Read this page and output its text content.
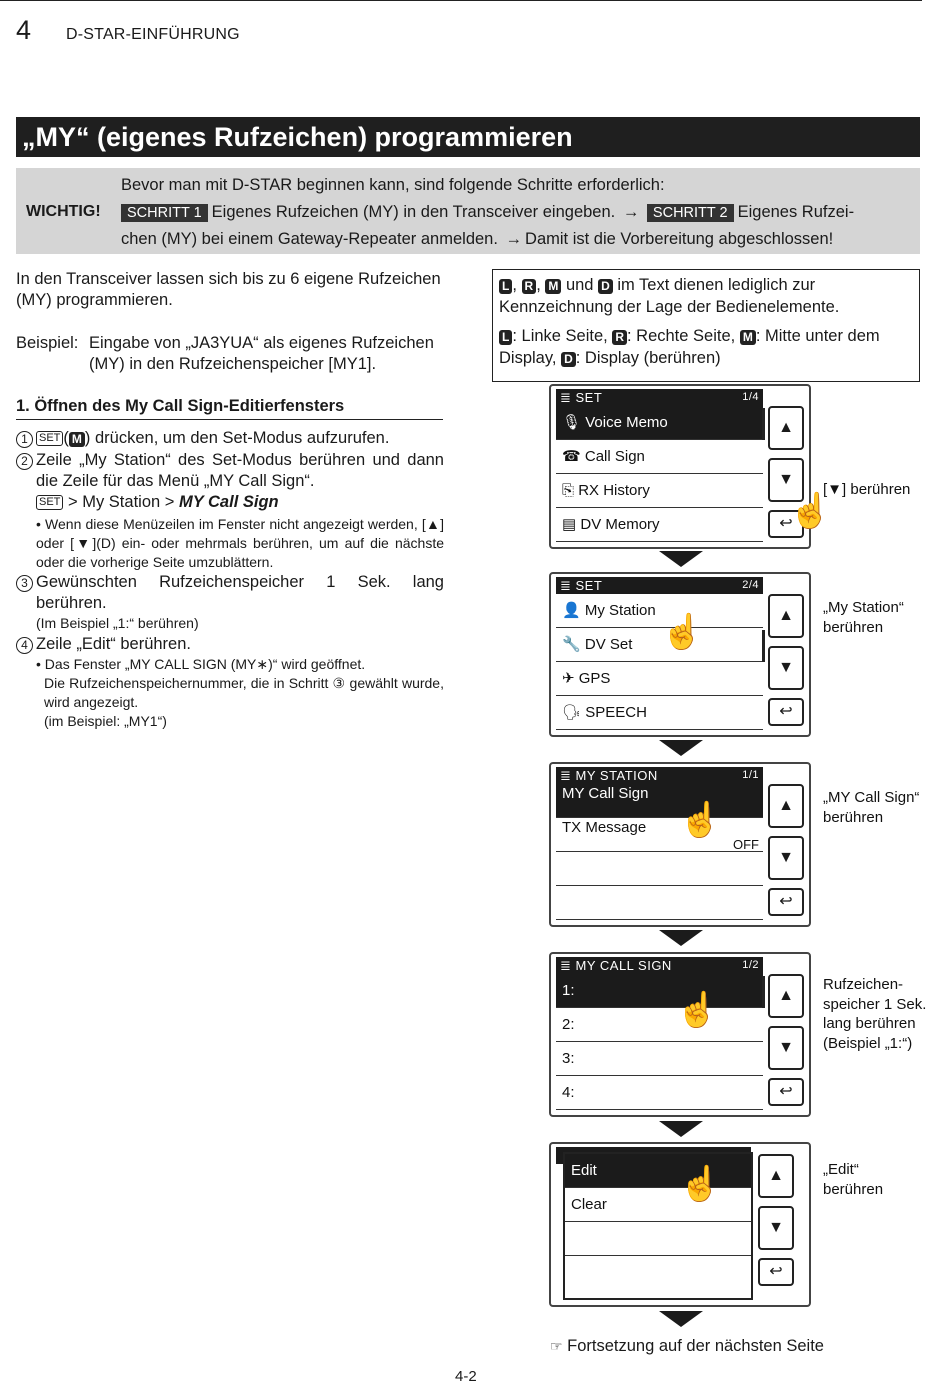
4 D-STAR-EINFÜHRUNG
„MY“ (eigenes Rufzeichen) programmieren
WICHTIG!
Bevor man mit D-STAR beginnen kann, sind folgende Schritte erforderlich:
SCHRITT 1 Eigenes Rufzeichen (MY) in den Transceiver eingeben. → SCHRITT 2 Eigenes Rufzei-
chen (MY) bei einem Gateway-Repeater anmelden. → Damit ist die Vorbereitung abgeschlossen!
In den Transceiver lassen sich bis zu 6 eigene Rufzeichen (MY) programmieren.
Beispiel: Eingabe von „JA3YUA“ als eigenes Rufzeichen (MY) in den Rufzeichenspeicher [MY1].
1. Öffnen des My Call Sign-Editierfensters
1	SET ( M ) drücken, um den Set-Modus aufzurufen.
2 Zeile „My Station“ des Set-Modus berühren und dann die Zeile für das Menü „MY Call Sign“.
SET > My Station > MY Call Sign
• Wenn diese Menüzeilen im Fenster nicht angezeigt werden, [▲] oder [▼](D) ein- oder mehrmals berühren, um auf die nächste oder die vorherige Seite umzublättern.
3 Gewünschten Rufzeichenspeicher 1 Sek. lang berühren.
(Im Beispiel „1:“ berühren)
4 Zeile „Edit“ berühren.
• Das Fenster „MY CALL SIGN (MY∗)“ wird geöffnet.
Die Rufzeichenspeichernummer, die in Schritt ③ gewählt wurde, wird angezeigt.
(im Beispiel: „MY1“)
L , R , M und D im Text dienen lediglich zur Kennzeichnung der Lage der Bedienelemente.
L : Linke Seite, R : Rechte Seite, M : Mitte unter dem Display, D : Display (berühren)
≣ SET	1/4
🎙 Voice Memo
☎ Call Sign
⎘ RX History
▤ DV Memory
▲
▼
↩
☝
≣ SET	2/4
👤 My Station
🔧 DV Set
✈ GPS
🗣 SPEECH
▲
▼
↩
☝
≣ MY STATION	1/1
MY Call Sign
TX Message
OFF
▲
▼
↩
☝
≣ MY CALL SIGN	1/2
1:
2:
3:
4:
▲
▼
↩
☝
Edit
Clear
▲
▼
↩
☝
[▼] berühren
„My Station“ berühren
„MY Call Sign“ berühren
Rufzeichen-speicher 1 Sek. lang berühren (Beispiel „1:“)
„Edit“ berühren
☞ Fortsetzung auf der nächsten Seite
4-2
